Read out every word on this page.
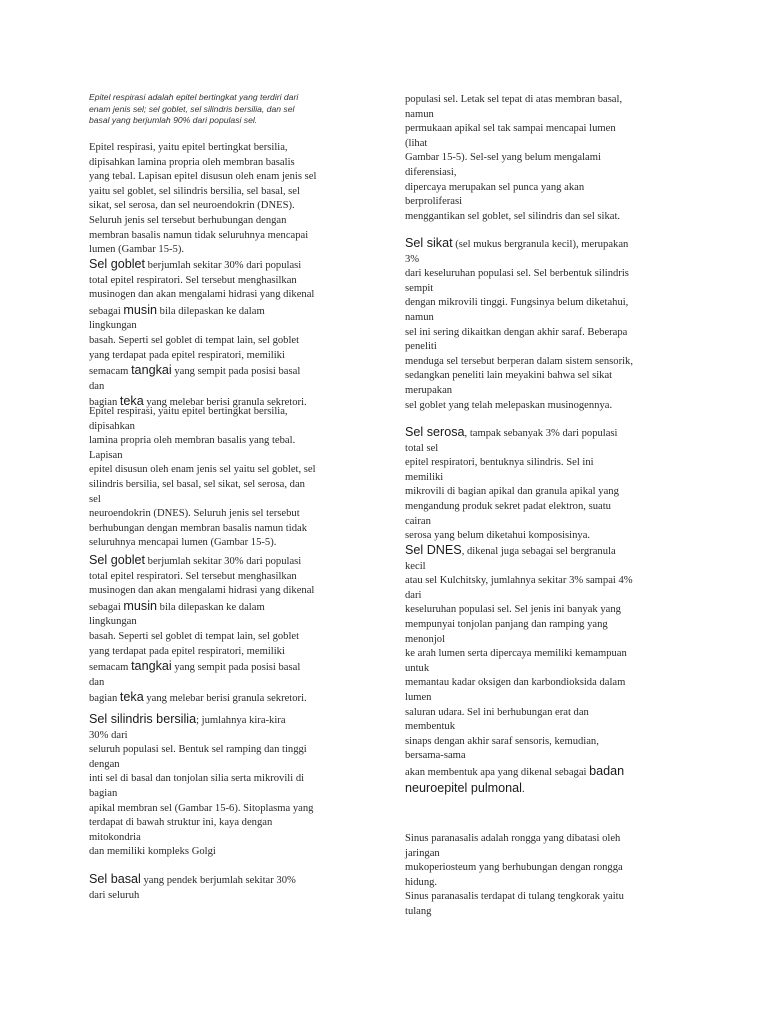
Epitel respirasi adalah epitel bertingkat yang terdiri dari
enam jenis sel; sel goblet, sel silindris bersilia, dan sel
basal yang berjumlah 90% dari populasi sel.

Epitel respirasi, yaitu epitel bertingkat bersilia,
dipisahkan lamina propria oleh membran basalis
yang tebal. Lapisan epitel disusun oleh enam jenis sel
yaitu sel goblet, sel silindris bersilia, sel basal, sel
sikat, sel serosa, dan sel neuroendokrin (DNES).
Seluruh jenis sel tersebut berhubungan dengan
membran basalis namun tidak seluruhnya mencapai
lumen (Gambar 15-5).

Sel goblet berjumlah sekitar 30% dari populasi
total epitel respiratori. Sel tersebut menghasilkan
musinogen dan akan mengalami hidrasi yang dikenal
sebagai musin bila dilepaskan ke dalam
lingkungan
basah. Seperti sel goblet di tempat lain, sel goblet
yang terdapat pada epitel respiratori, memiliki
semacam tangkai yang sempit pada posisi basal
dan
bagian teka yang melebar berisi granula sekretori.

Epitel respirasi, yaitu epitel bertingkat bersilia,
dipisahkan
lamina propria oleh membran basalis yang tebal.
Lapisan
epitel disusun oleh enam jenis sel yaitu sel goblet, sel
silindris bersilia, sel basal, sel sikat, sel serosa, dan
sel
neuroendokrin (DNES). Seluruh jenis sel tersebut
berhubungan dengan membran basalis namun tidak
seluruhnya mencapai lumen (Gambar 15-5).

Sel goblet berjumlah sekitar 30% dari populasi
total epitel respiratori. Sel tersebut menghasilkan
musinogen dan akan mengalami hidrasi yang dikenal
sebagai musin bila dilepaskan ke dalam
lingkungan
basah. Seperti sel goblet di tempat lain, sel goblet
yang terdapat pada epitel respiratori, memiliki
semacam tangkai yang sempit pada posisi basal
dan
bagian teka yang melebar berisi granula sekretori.

Sel silindris bersilia; jumlahnya kira-kira
30% dari
seluruh populasi sel. Bentuk sel ramping dan tinggi
dengan
inti sel di basal dan tonjolan silia serta mikrovili di
bagian
apikal membran sel (Gambar 15-6). Sitoplasma yang
terdapat di bawah struktur ini, kaya dengan
mitokondria
dan memiliki kompleks Golgi

Sel basal yang pendek berjumlah sekitar 30%
dari seluruh

populasi sel. Letak sel tepat di atas membran basal,
namun
permukaan apikal sel tak sampai mencapai lumen
(lihat
Gambar 15-5). Sel-sel yang belum mengalami
diferensiasi,
dipercaya merupakan sel punca yang akan
berproliferasi
menggantikan sel goblet, sel silindris dan sel sikat.

Sel sikat (sel mukus bergranula kecil), merupakan
3%
dari keseluruhan populasi sel. Sel berbentuk silindris
sempit
dengan mikrovili tinggi. Fungsinya belum diketahui,
namun
sel ini sering dikaitkan dengan akhir saraf. Beberapa
peneliti
menduga sel tersebut berperan dalam sistem sensorik,
sedangkan peneliti lain meyakini bahwa sel sikat
merupakan
sel goblet yang telah melepaskan musinogennya.

Sel serosa, tampak sebanyak 3% dari populasi
total sel
epitel respiratori, bentuknya silindris. Sel ini
memiliki
mikrovili di bagian apikal dan granula apikal yang
mengandung produk sekret padat elektron, suatu
cairan
serosa yang belum diketahui komposisinya.

Sel DNES, dikenal juga sebagai sel bergranula
kecil
atau sel Kulchitsky, jumlahnya sekitar 3% sampai 4%
dari
keseluruhan populasi sel. Sel jenis ini banyak yang
mempunyai tonjolan panjang dan ramping yang
menonjol
ke arah lumen serta dipercaya memiliki kemampuan
untuk
memantau kadar oksigen dan karbondioksida dalam
lumen
saluran udara. Sel ini berhubungan erat dan
membentuk
sinaps dengan akhir saraf sensoris, kemudian,
bersama-sama
akan membentuk apa yang dikenal sebagai badan
neuroepitel pulmonal.

Sinus paranasalis adalah rongga yang dibatasi oleh
jaringan
mukoperiosteum yang berhubungan dengan rongga
hidung.
Sinus paranasalis terdapat di tulang tengkorak yaitu
tulang
